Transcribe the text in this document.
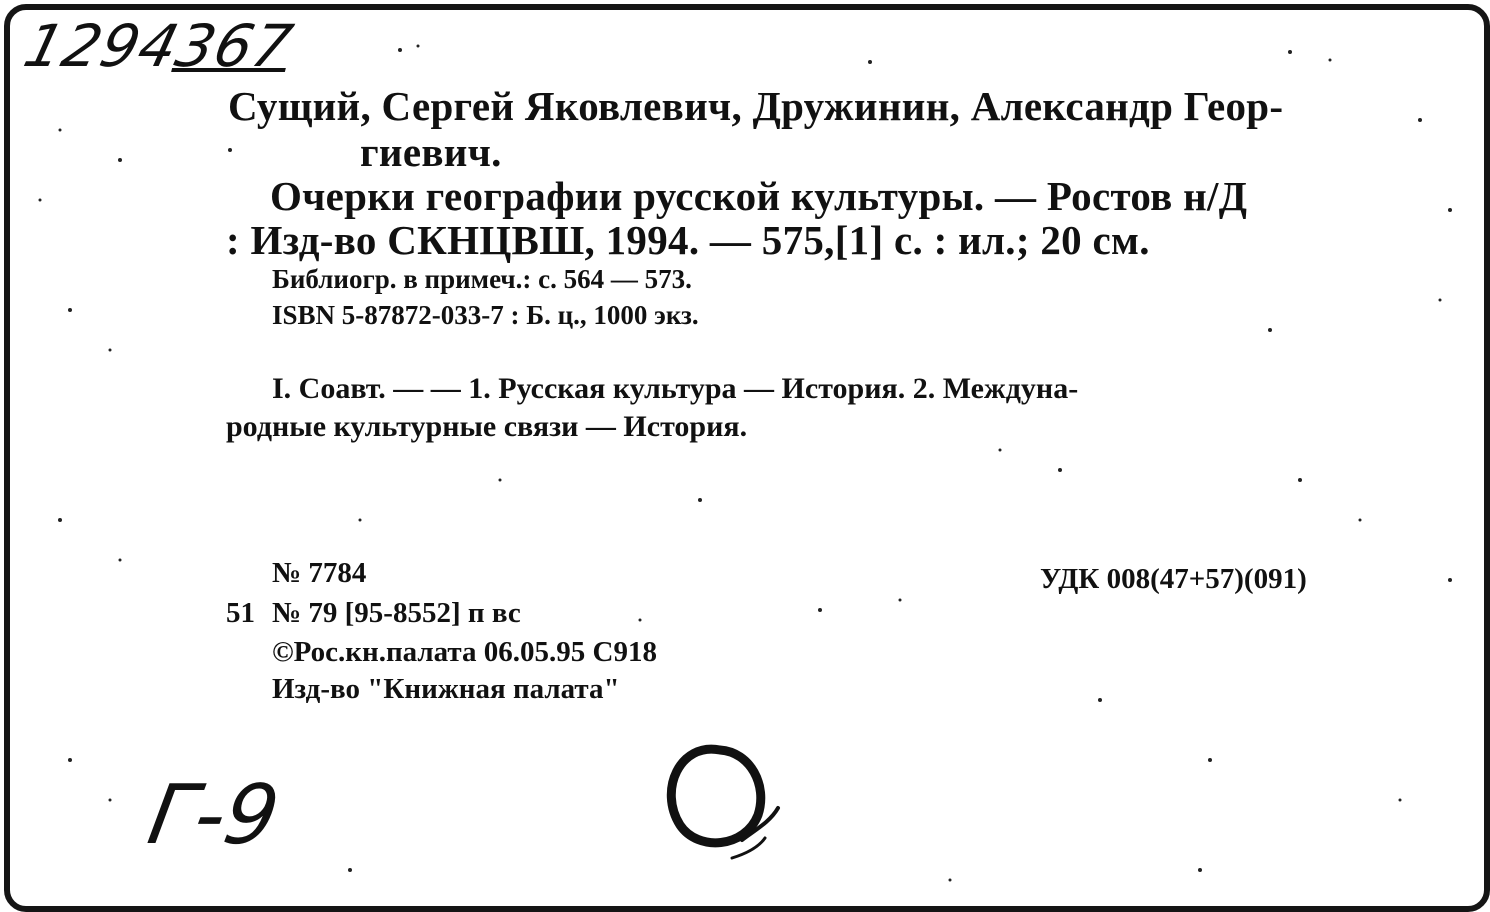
1294367
Сущий, Сергей Яковлевич, Дружинин, Александр Геор-
гиевич.
Очерки географии русской культуры. — Ростов н/Д
: Изд-во СКНЦВШ, 1994. — 575,[1] с. : ил.; 20 см.
Библиогр. в примеч.: с. 564 — 573.
ISBN 5-87872-033-7 : Б. ц., 1000 экз.
I. Соавт. — — 1. Русская культура — История. 2. Междуна-
родные культурные связи — История.
№ 7784	УДК 008(47+57)(091)
51 № 79 [95-8552] п вс
©Рос.кн.палата 06.05.95 С918
Изд-во "Книжная палата"
Г-9
